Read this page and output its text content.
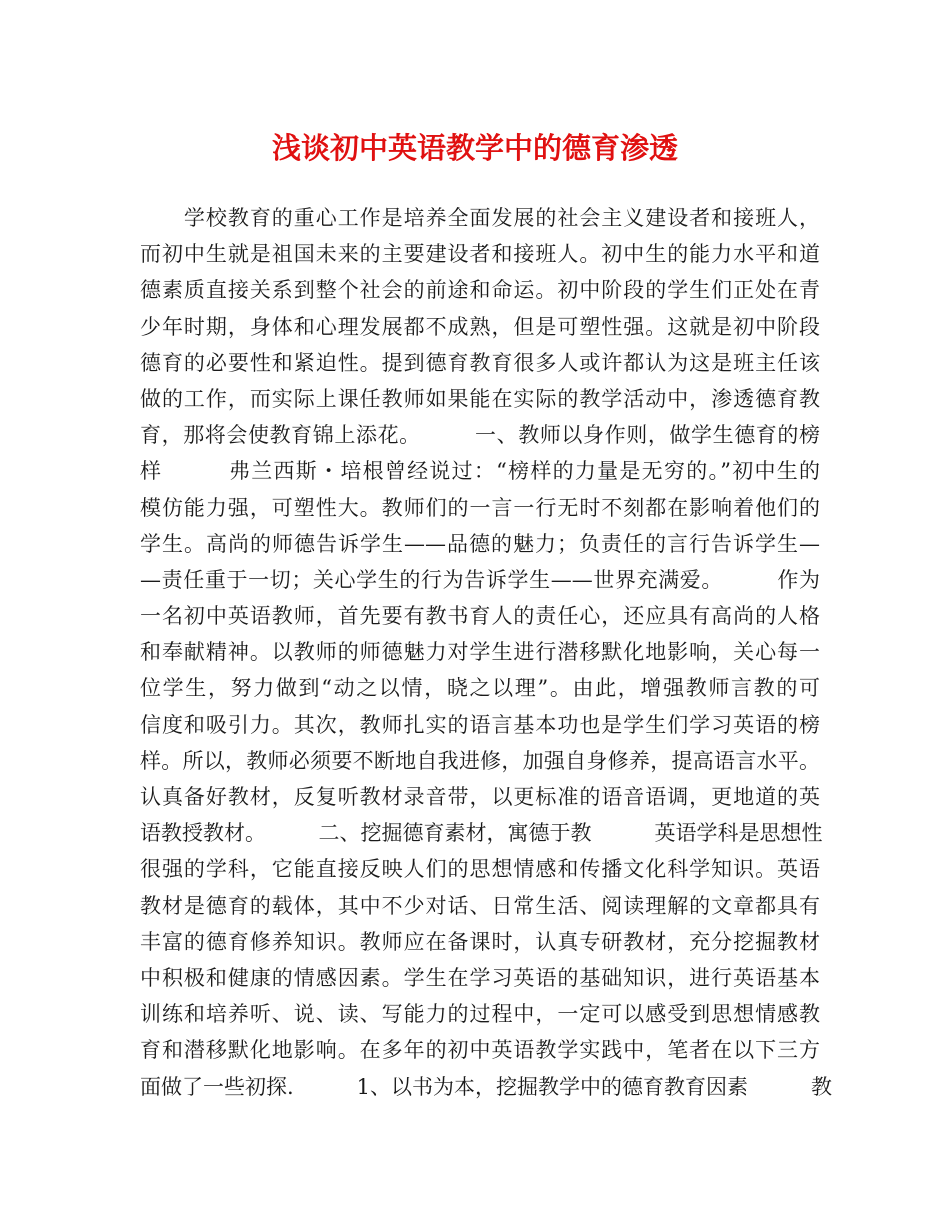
浅谈初中英语教学中的德育渗透
　　学校教育的重心工作是培养全面发展的社会主义建设者和接班人，
而初中生就是祖国未来的主要建设者和接班人。初中生的能力水平和道
德素质直接关系到整个社会的前途和命运。初中阶段的学生们正处在青
少年时期，身体和心理发展都不成熟，但是可塑性强。这就是初中阶段
德育的必要性和紧迫性。提到德育教育很多人或许都认为这是班主任该
做的工作，而实际上课任教师如果能在实际的教学活动中，渗透德育教
育，那将会使教育锦上添花。　　　一、教师以身作则，做学生德育的榜
样　　　弗兰西斯・培根曾经说过：“榜样的力量是无穷的。”初中生的
模仿能力强，可塑性大。教师们的一言一行无时不刻都在影响着他们的
学生。高尚的师德告诉学生——品德的魅力；负责任的言行告诉学生—
—责任重于一切；关心学生的行为告诉学生——世界充满爱。　　　作为
一名初中英语教师，首先要有教书育人的责任心，还应具有高尚的人格
和奉献精神。以教师的师德魅力对学生进行潜移默化地影响，关心每一
位学生，努力做到“动之以情，晓之以理”。由此，增强教师言教的可
信度和吸引力。其次，教师扎实的语言基本功也是学生们学习英语的榜
样。所以，教师必须要不断地自我进修，加强自身修养，提高语言水平。
认真备好教材，反复听教材录音带，以更标准的语音语调，更地道的英
语教授教材。　　　二、挖掘德育素材，寓德于教　　　英语学科是思想性
很强的学科，它能直接反映人们的思想情感和传播文化科学知识。英语
教材是德育的载体，其中不少对话、日常生活、阅读理解的文章都具有
丰富的德育修养知识。教师应在备课时，认真专研教材，充分挖掘教材
中积极和健康的情感因素。学生在学习英语的基础知识，进行英语基本
训练和培养听、说、读、写能力的过程中，一定可以感受到思想情感教
育和潜移默化地影响。在多年的初中英语教学实践中，笔者在以下三方
面做了一些初探.　　　1、以书为本，挖掘教学中的德育教育因素　　　教
